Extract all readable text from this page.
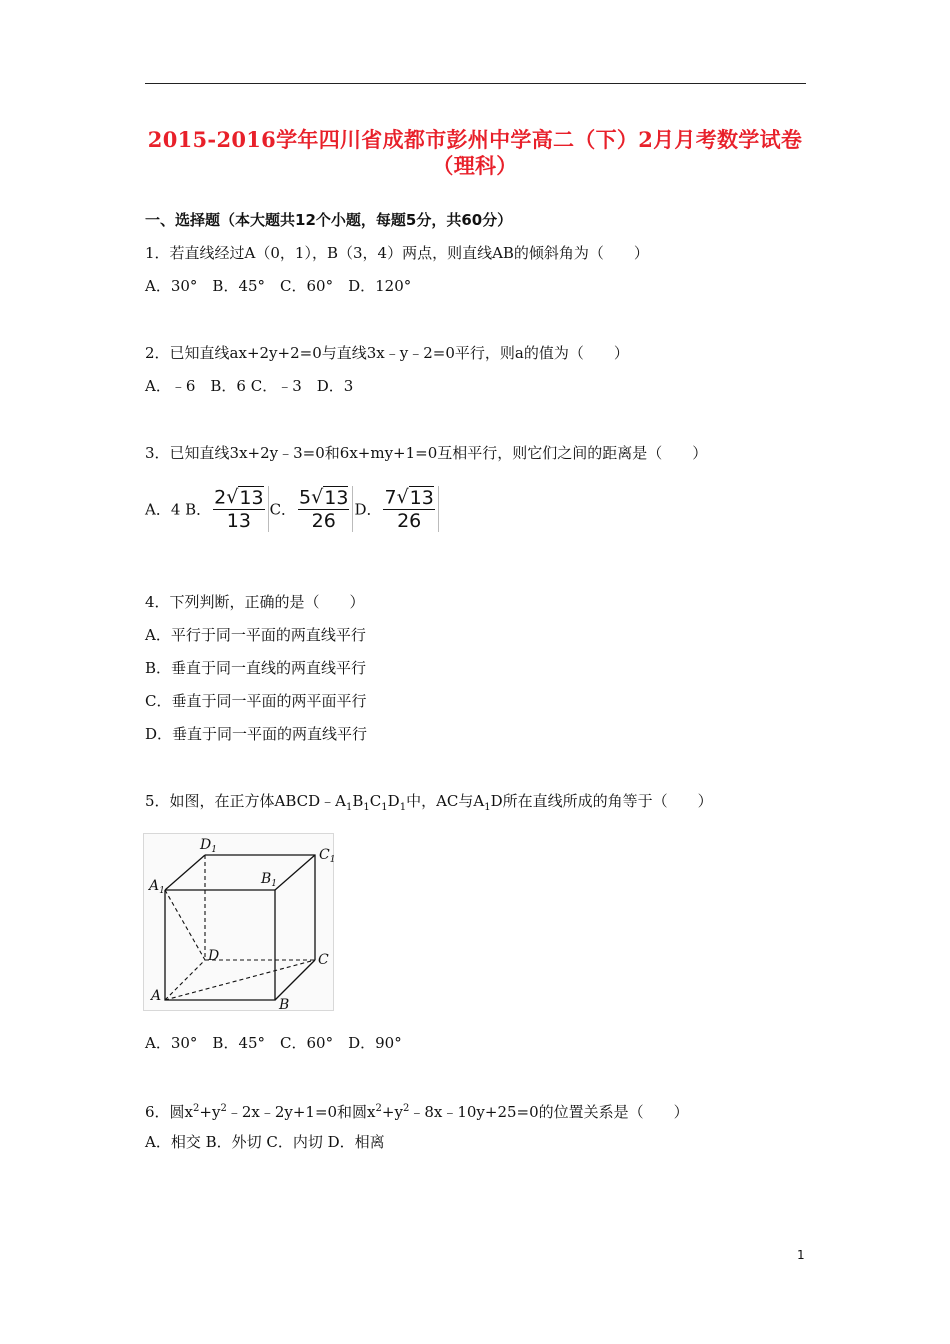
2015-2016学年四川省成都市彭州中学高二（下）2月月考数学试卷
（理科）
一、选择题（本大题共12个小题，每题5分，共60分）
1．若直线经过A（0，1），B（3，4）两点，则直线AB的倾斜角为（　　）
A．30°　B．45°　C．60°　D．120°
2．已知直线ax+2y+2=0与直线3x﹣y﹣2=0平行，则a的值为（　　）
A．﹣6　B．6 C．﹣3　D．3
3．已知直线3x+2y﹣3=0和6x+my+1=0互相平行，则它们之间的距离是（　　）
A．4 B． $\frac{2√13}{13}$ C． $\frac{5√13}{26}$ D． $\frac{7√13}{26}$
4．下列判断，正确的是（　　）
A．平行于同一平面的两直线平行
B．垂直于同一直线的两直线平行
C．垂直于同一平面的两平面平行
D．垂直于同一平面的两直线平行
5．如图，在正方体$ABCD﹣A_1B_1C_1D_1$中，AC与$A_1D$所在直线所成的角等于（　　）
$D_1$	$C_1$
$A_1$
$B_1$
D	C
A
B
A．30°　B．45°　C．60°　D．90°
6．圆$x^2+y^2﹣2x﹣2y+1=0$和圆$x^2+y^2﹣8x﹣10y+25=0$的位置关系是（　　）
A．相交 B．外切 C．内切 D．相离
1
